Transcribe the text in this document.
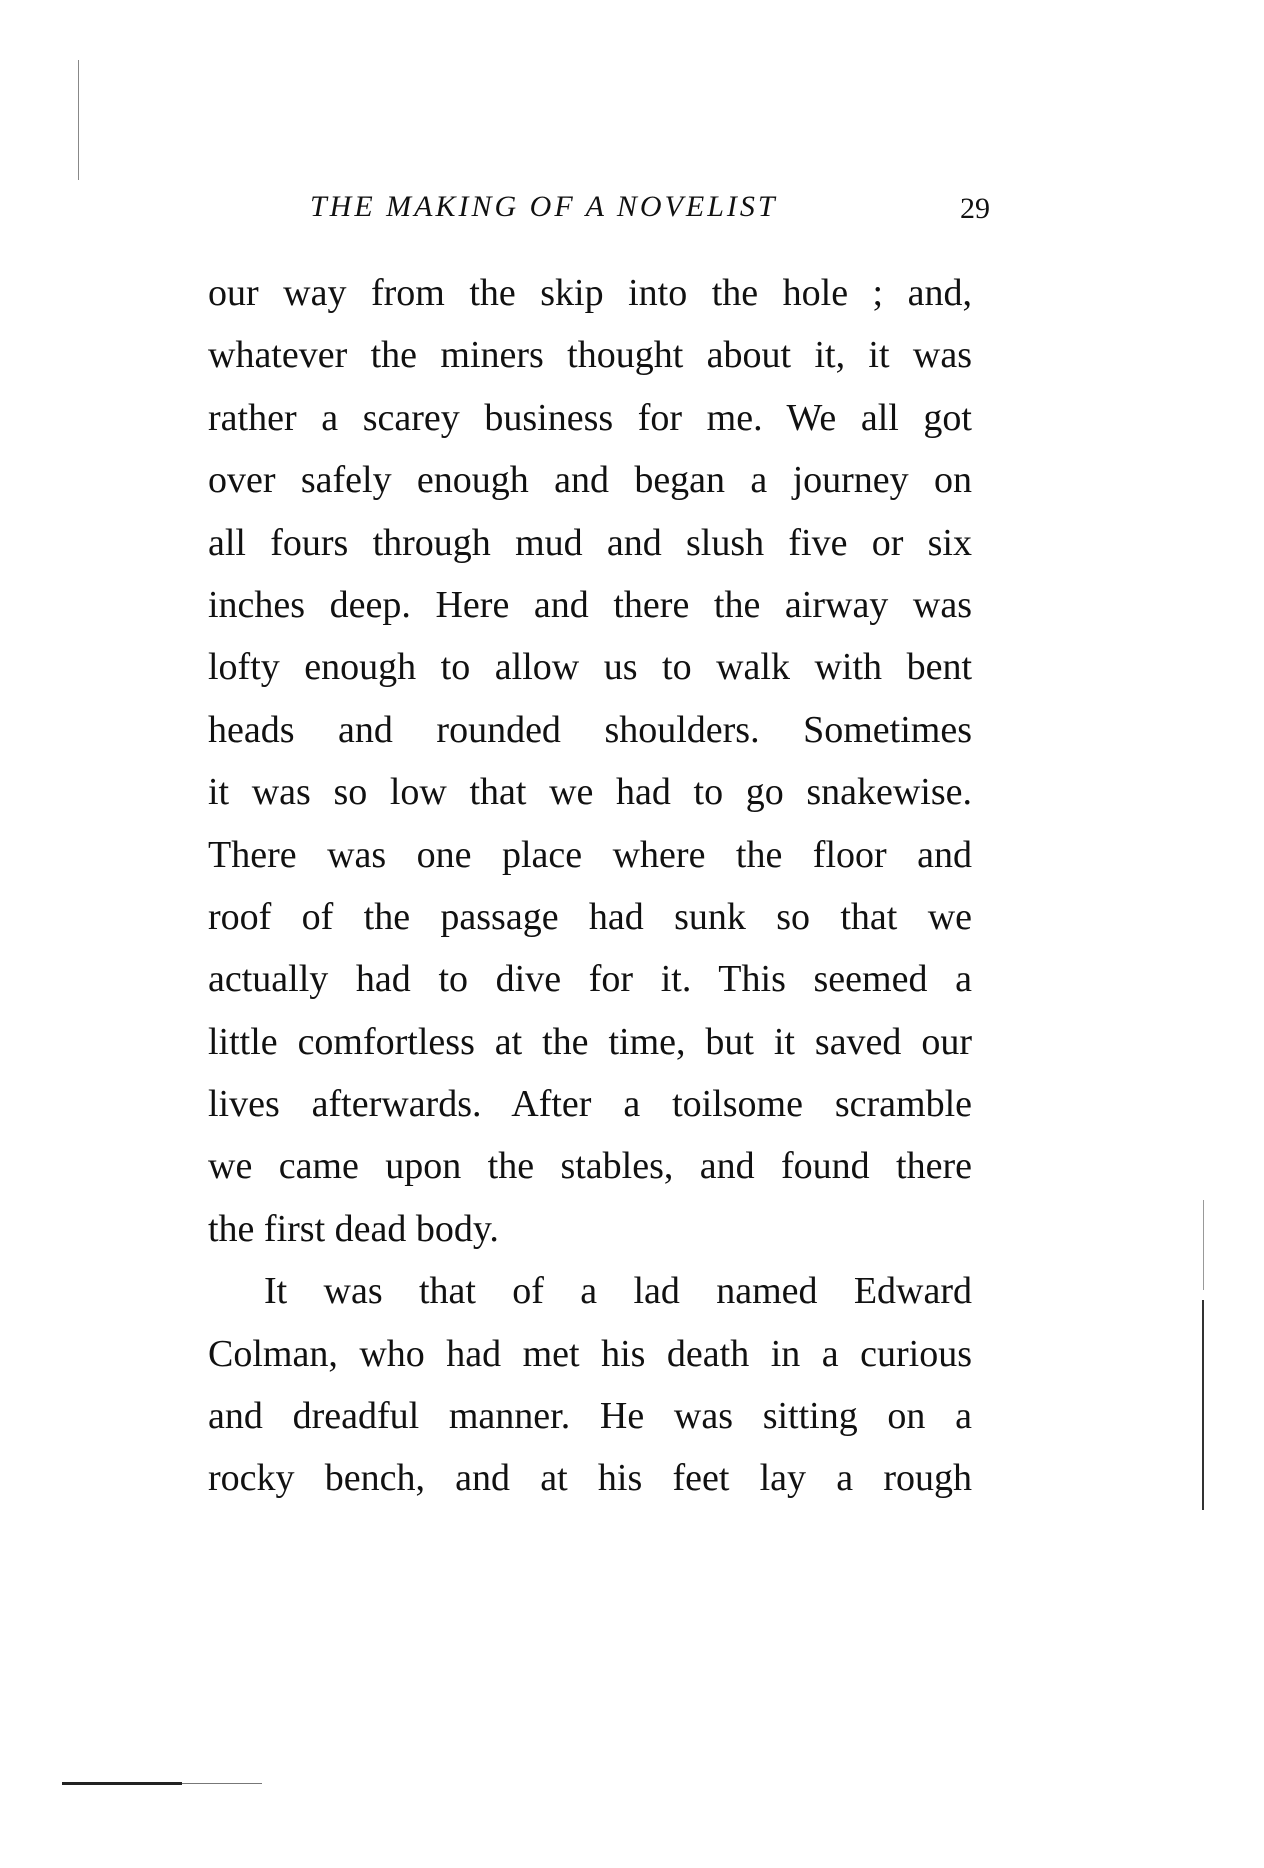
THE MAKING OF A NOVELIST	29
our way from the skip into the hole ; and,
whatever the miners thought about it, it was
rather a scarey business for me. We all got
over safely enough and began a journey on
all fours through mud and slush five or six
inches deep. Here and there the airway was
lofty enough to allow us to walk with bent
heads and rounded shoulders. Sometimes
it was so low that we had to go snakewise.
There was one place where the floor and
roof of the passage had sunk so that we
actually had to dive for it. This seemed a
little comfortless at the time, but it saved our
lives afterwards. After a toilsome scramble
we came upon the stables, and found there
the first dead body.
It was that of a lad named Edward
Colman, who had met his death in a curious
and dreadful manner. He was sitting on a
rocky bench, and at his feet lay a rough
